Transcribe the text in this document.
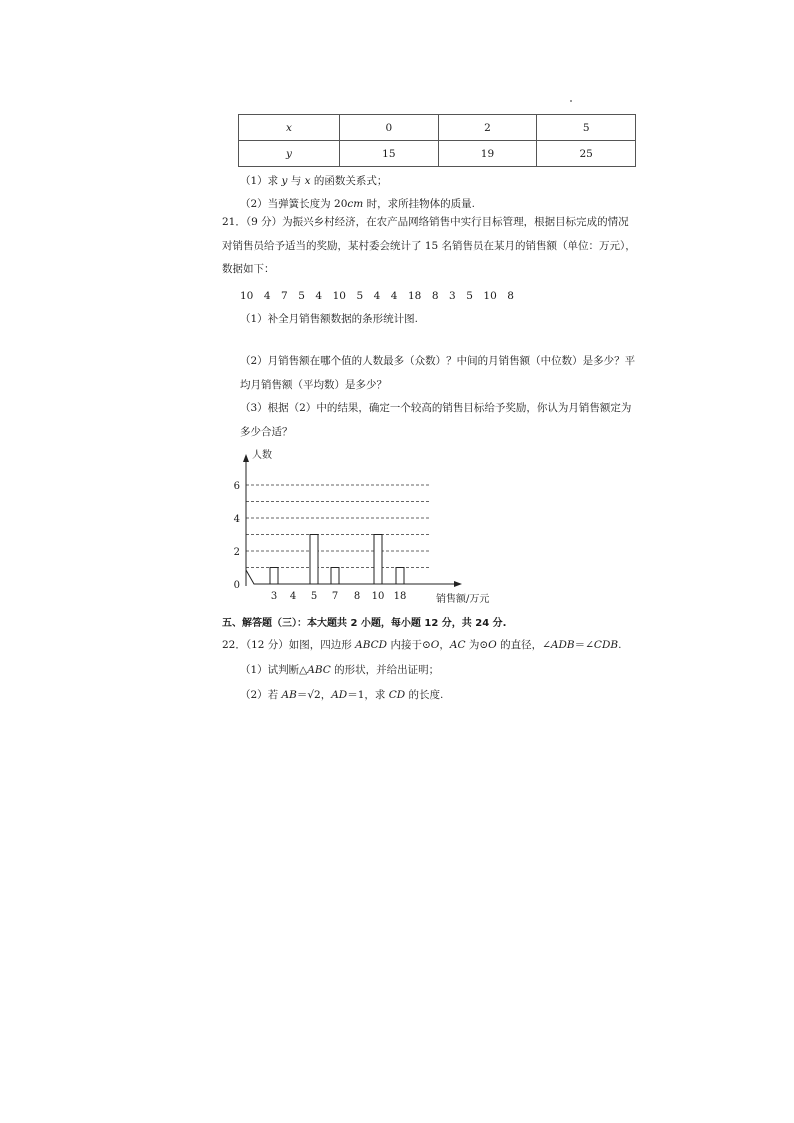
x	0	2	5
y	15	19	25
（1）求 y 与 x 的函数关系式；
（2）当弹簧长度为 20cm 时，求所挂物体的质量.
21．（9 分）为振兴乡村经济，在农产品网络销售中实行目标管理，根据目标完成的情况对销售员给予适当的奖励，某村委会统计了 15 名销售员在某月的销售额（单位：万元），数据如下：
10　4　7　5　4　10　5　4　4　18　8　3　5　10　8
（1）补全月销售额数据的条形统计图.
（2）月销售额在哪个值的人数最多（众数）？中间的月销售额（中位数）是多少？平均月销售额（平均数）是多少？
（3）根据（2）中的结果，确定一个较高的销售目标给予奖励，你认为月销售额定为多少合适？
人数
销售额/万元
0
2
4
6
3 4 5 7 8 10 18
五、解答题（三）：本大题共 2 小题，每小题 12 分，共 24 分.
22．（12 分）如图，四边形 ABCD 内接于⊙O，AC 为⊙O 的直径，∠ADB＝∠CDB.
（1）试判断△ABC 的形状，并给出证明；
（2）若 AB＝√2，AD＝1，求 CD 的长度.
